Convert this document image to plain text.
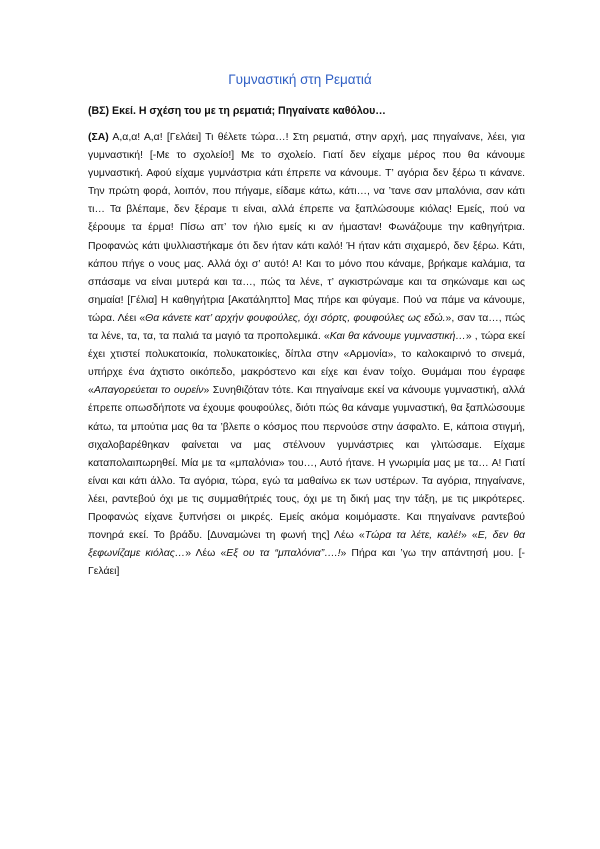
Γυμναστική στη Ρεματιά
(ΒΣ) Εκεί. Η σχέση του με τη ρεματιά; Πηγαίνατε καθόλου…
(ΣΑ) Α,α,α! Α,α! [Γελάει] Τι θέλετε τώρα…! Στη ρεματιά, στην αρχή, μας πηγαίνανε, λέει, για γυμναστική! [-Με το σχολείο!] Με το σχολείο. Γιατί δεν είχαμε μέρος που θα κάνουμε γυμναστική. Αφού είχαμε γυμνάστρια κάτι έπρεπε να κάνουμε. Τ’ αγόρια δεν ξέρω τι κάνανε. Την πρώτη φορά, λοιπόν, που πήγαμε, είδαμε κάτω, κάτι…, να ’τανε σαν μπαλόνια, σαν κάτι τι… Τα βλέπαμε, δεν ξέραμε τι είναι, αλλά έπρεπε να ξαπλώσουμε κιόλας! Εμείς, πού να ξέρουμε τα έρμα! Πίσω απ’ τον ήλιο εμείς κι αν ήμασταν! Φωνάζουμε την καθηγήτρια. Προφανώς κάτι ψυλλιαστήκαμε ότι δεν ήταν κάτι καλό! Ή ήταν κάτι σιχαμερό, δεν ξέρω. Κάτι, κάπου πήγε ο νους μας. Αλλά όχι σ’ αυτό! Α! Και το μόνο που κάναμε, βρήκαμε καλάμια, τα σπάσαμε να είναι μυτερά και τα…, πώς τα λένε, τ’ αγκιστρώναμε και τα σηκώναμε και ως σημαία! [Γέλια] Η καθηγήτρια [Ακατάληπτο] Μας πήρε και φύγαμε. Πού να πάμε να κάνουμε, τώρα. Λέει «Θα κάνετε κατ’ αρχήν φουφούλες, όχι σόρτς, φουφούλες ως εδώ.», σαν τα…, πώς τα λένε, τα, τα, τα παλιά τα μαγιό τα προπολεμικά. «Και θα κάνουμε γυμναστική…» , τώρα εκεί έχει χτιστεί πολυκατοικία, πολυκατοικίες, δίπλα στην «Αρμονία», το καλοκαιρινό το σινεμά, υπήρχε ένα άχτιστο οικόπεδο, μακρόστενο και είχε και έναν τοίχο. Θυμάμαι που έγραφε «Απαγορεύεται το ουρείν» Συνηθιζόταν τότε. Και πηγαίναμε εκεί να κάνουμε γυμναστική, αλλά έπρεπε οπωσδήποτε να έχουμε φουφούλες, διότι πώς θα κάναμε γυμναστική, θα ξαπλώσουμε κάτω, τα μπούτια μας θα τα ’βλεπε ο κόσμος που περνούσε στην άσφαλτο. Ε, κάποια στιγμή, σιχαλοβαρέθηκαν φαίνεται να μας στέλνουν γυμνάστριες και γλιτώσαμε. Είχαμε καταπολαιπωρηθεί. Μία με τα «μπαλόνια» του…, Αυτό ήτανε. Η γνωριμία μας με τα… Α! Γιατί είναι και κάτι άλλο. Τα αγόρια, τώρα, εγώ τα μαθαίνω εκ των υστέρων. Τα αγόρια, πηγαίνανε, λέει, ραντεβού όχι με τις συμμαθήτριές τους, όχι με τη δική μας την τάξη, με τις μικρότερες. Προφανώς είχανε ξυπνήσει οι μικρές. Εμείς ακόμα κοιμόμαστε. Και πηγαίνανε ραντεβού πονηρά εκεί. Το βράδυ. [Δυναμώνει τη φωνή της] Λέω «Τώρα τα λέτε, καλέ!» «Ε, δεν θα ξεφωνίζαμε κιόλας…» Λέω «Εξ ου τα “μπαλόνια”….!» Πήρα και ’γω την απάντησή μου. [-Γελάει]
